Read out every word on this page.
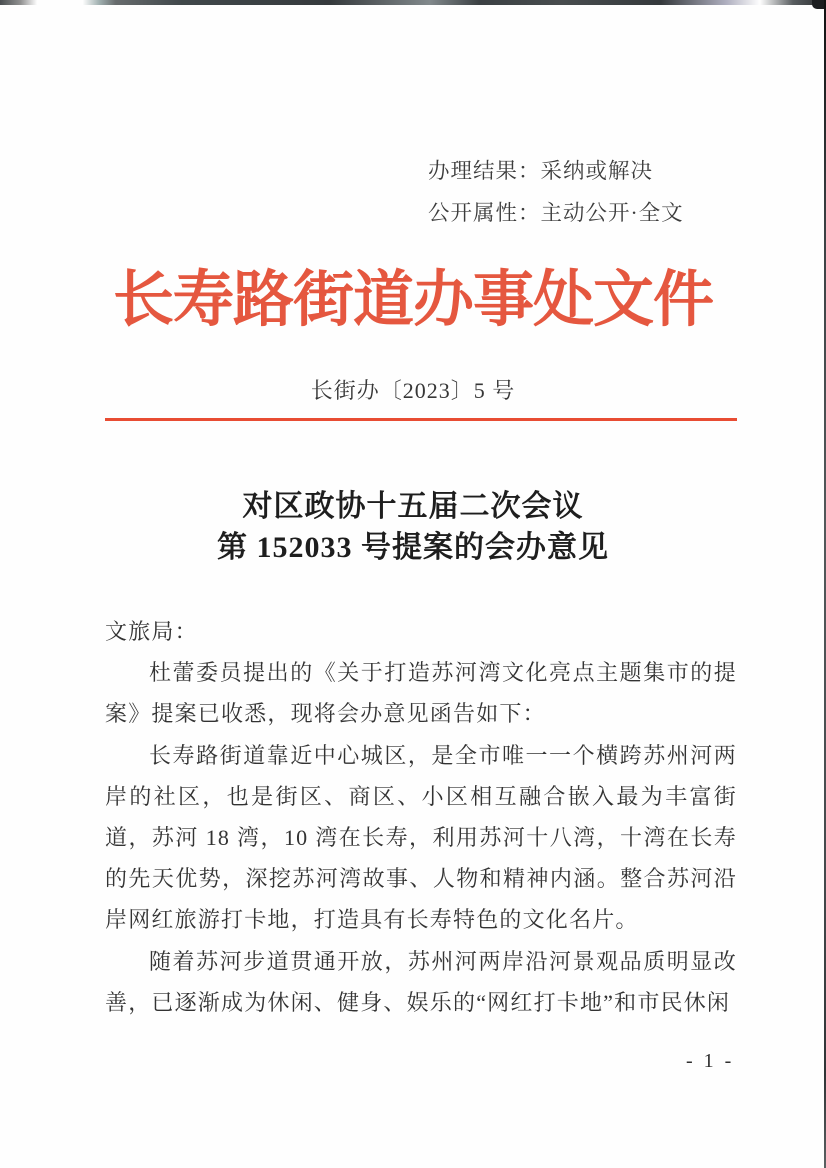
办理结果：采纳或解决
公开属性：主动公开·全文
长寿路街道办事处文件
长街办〔2023〕5 号
对区政协十五届二次会议
第 152033 号提案的会办意见

文旅局：

杜蕾委员提出的《关于打造苏河湾文化亮点主题集市的提案》提案已收悉，现将会办意见函告如下：

长寿路街道靠近中心城区，是全市唯一一个横跨苏州河两岸的社区，也是街区、商区、小区相互融合嵌入最为丰富街道，苏河 18 湾，10 湾在长寿，利用苏河十八湾，十湾在长寿的先天优势，深挖苏河湾故事、人物和精神内涵。整合苏河沿岸网红旅游打卡地，打造具有长寿特色的文化名片。

随着苏河步道贯通开放，苏州河两岸沿河景观品质明显改善，已逐渐成为休闲、健身、娱乐的“网红打卡地”和市民休闲

- 1 -
